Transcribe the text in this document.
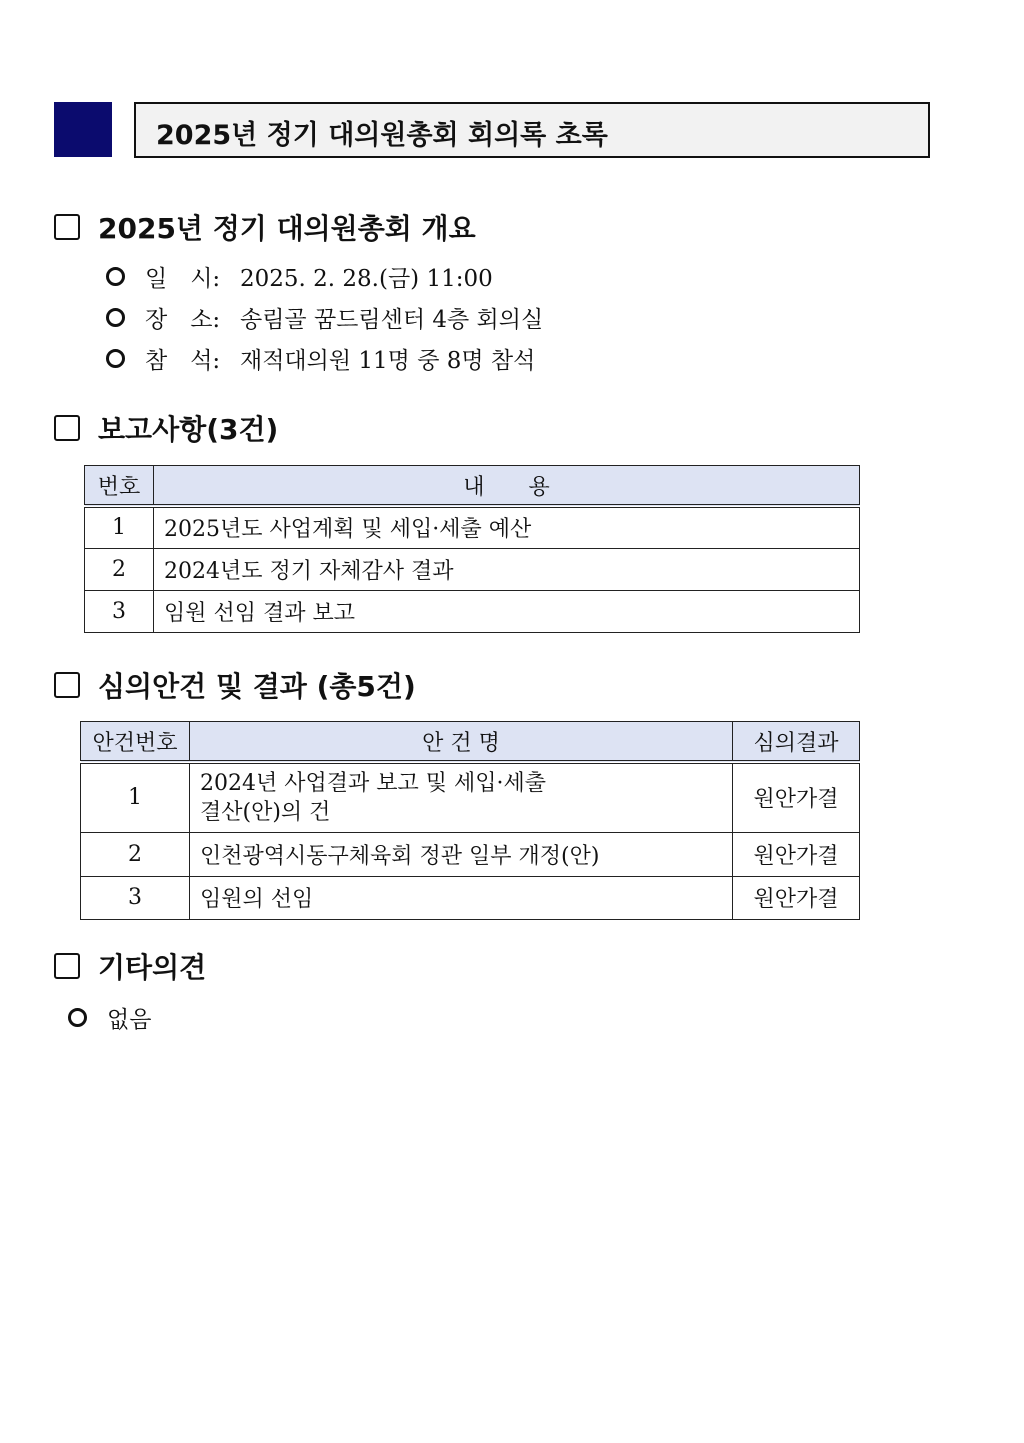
2025년 정기 대의원총회 회의록 초록
2025년 정기 대의원총회 개요
일　시: 2025. 2. 28.(금) 11:00
장　소: 송림골 꿈드림센터 4층 회의실
참　석: 재적대의원 11명 중 8명 참석
보고사항(3건)
번호	내　　용
1	2025년도 사업계획 및 세입·세출 예산
2	2024년도 정기 자체감사 결과
3	임원 선임 결과 보고
심의안건 및 결과 (총5건)
안건번호	안 건 명	심의결과
1	2024년 사업결과 보고 및 세입·세출
결산(안)의 건	원안가결
2	인천광역시동구체육회 정관 일부 개정(안)	원안가결
3	임원의 선임	원안가결
기타의견
없음
